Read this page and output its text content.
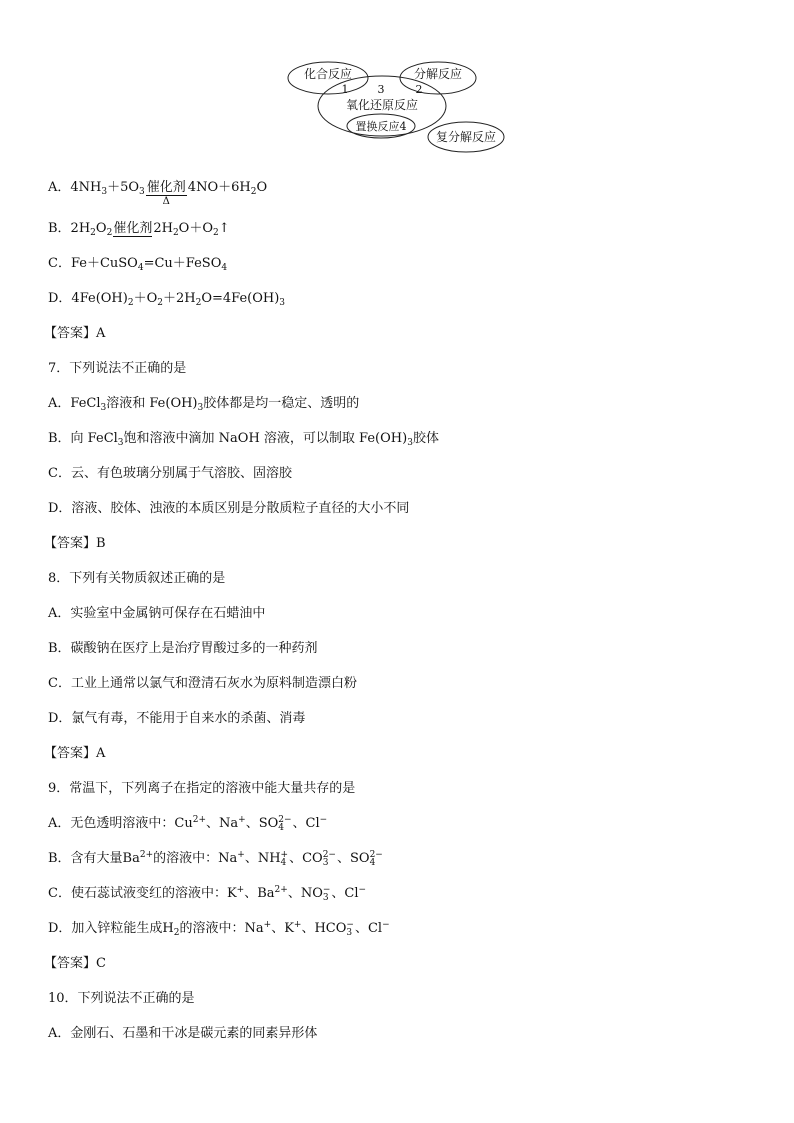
化合反应	分解反应
氧化还原反应
置换反应4
复分解反应
1	3	2
A．$4NH_3+5O_3$ 催化剂
Δ
$4NO+6H_2O$
B．$2H_2O_2$催化剂$2H_2O+O_2↑$
C．Fe＋CuSO$_4$=Cu＋FeSO$_4$
D．$4Fe(OH)_2+O_2+2H_2O=4Fe(OH)_3$
【答案】A
7．下列说法不正确的是
A．FeCl$_3$溶液和 $Fe(OH)_3$胶体都是均一稳定、透明的
B．向 FeCl$_3$饱和溶液中滴加 NaOH 溶液，可以制取 $Fe(OH)_3$胶体
C．云、有色玻璃分别属于气溶胶、固溶胶
D．溶液、胶体、浊液的本质区别是分散质粒子直径的大小不同
【答案】B
8．下列有关物质叙述正确的是
A．实验室中金属钠可保存在石蜡油中
B．碳酸钠在医疗上是治疗胃酸过多的一种药剂
C．工业上通常以氯气和澄清石灰水为原料制造漂白粉
D．氯气有毒，不能用于自来水的杀菌、消毒
【答案】A
9．常温下，下列离子在指定的溶液中能大量共存的是
A．无色透明溶液中：$Cu^{2+}$、Na+、SO 2−
4 、Cl−
B．含有大量$Ba^{2+}$的溶液中：Na+、NH +
4 、CO 2−
3 、SO 2−
4
C．使石蕊试液变红的溶液中：K+、$Ba^{2+}$、NO −
3 、Cl−
D．加入锌粒能生成$H_2$的溶液中：Na+、K+、HCO −
3 、Cl−
【答案】C
10．下列说法不正确的是
A．金刚石、石墨和干冰是碳元素的同素异形体
